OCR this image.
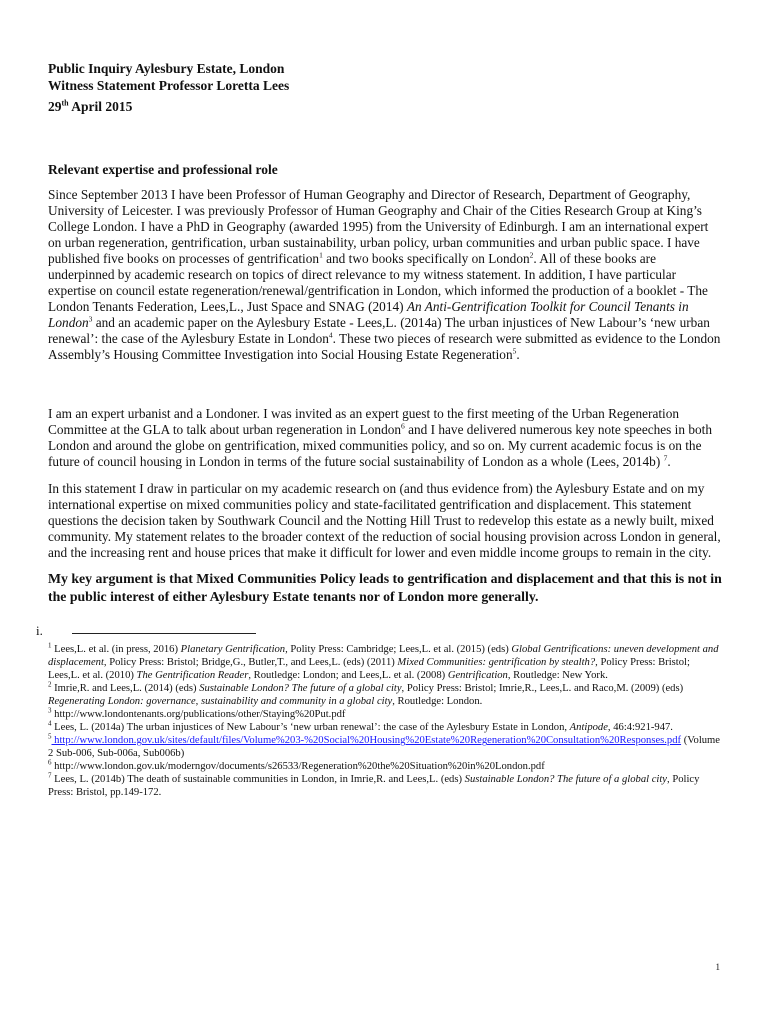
Public Inquiry Aylesbury Estate, London
Witness Statement Professor Loretta Lees
29th April 2015

Relevant expertise and professional role

Since September 2013 I have been Professor of Human Geography and Director of Research, Department of Geography, University of Leicester. I was previously Professor of Human Geography and Chair of the Cities Research Group at King’s College London. I have a PhD in Geography (awarded 1995) from the University of Edinburgh. I am an international expert on urban regeneration, gentrification, urban sustainability, urban policy, urban communities and urban public space. I have published five books on processes of gentrification$^1$ and two books specifically on London$^2$. All of these books are underpinned by academic research on topics of direct relevance to my witness statement. In addition, I have particular expertise on council estate regeneration/renewal/gentrification in London, which informed the production of a booklet - The London Tenants Federation, Lees,L., Just Space and SNAG (2014) An Anti-Gentrification Toolkit for Council Tenants in London$^3$ and an academic paper on the Aylesbury Estate - Lees,L. (2014a) The urban injustices of New Labour’s ‘new urban renewal’: the case of the Aylesbury Estate in London$^4$. These two pieces of research were submitted as evidence to the London Assembly’s Housing Committee Investigation into Social Housing Estate Regeneration$^5$.

I am an expert urbanist and a Londoner. I was invited as an expert guest to the first meeting of the Urban Regeneration Committee at the GLA to talk about urban regeneration in London$^6$ and I have delivered numerous key note speeches in both London and around the globe on gentrification, mixed communities policy, and so on. My current academic focus is on the future of council housing in London in terms of the future social sustainability of London as a whole (Lees, 2014b) $^7$.

In this statement I draw in particular on my academic research on (and thus evidence from) the Aylesbury Estate and on my international expertise on mixed communities policy and state-facilitated gentrification and displacement. This statement questions the decision taken by Southwark Council and the Notting Hill Trust to redevelop this estate as a newly built, mixed community. My statement relates to the broader context of the reduction of social housing provision across London in general, and the increasing rent and house prices that make it difficult for lower and even middle income groups to remain in the city.

My key argument is that Mixed Communities Policy leads to gentrification and displacement and that this is not in the public interest of either Aylesbury Estate tenants nor of London more generally.

i.

$^1$ Lees,L. et al. (in press, 2016) Planetary Gentrification, Polity Press: Cambridge; Lees,L. et al. (2015) (eds) Global Gentrifications: uneven development and displacement, Policy Press: Bristol; Bridge,G., Butler,T., and Lees,L. (eds) (2011) Mixed Communities: gentrification by stealth?, Policy Press: Bristol; Lees,L. et al. (2010) The Gentrification Reader, Routledge: London; and Lees,L. et al. (2008) Gentrification, Routledge: New York.

$^2$ Imrie,R. and Lees,L. (2014) (eds) Sustainable London? The future of a global city, Policy Press: Bristol; Imrie,R., Lees,L. and Raco,M. (2009) (eds) Regenerating London: governance, sustainability and community in a global city, Routledge: London.

$^3$ http://www.londontenants.org/publications/other/Staying%20Put.pdf

$^4$ Lees, L. (2014a) The urban injustices of New Labour’s ‘new urban renewal’: the case of the Aylesbury Estate in London, Antipode, 46:4:921-947.

$^5$ http://www.london.gov.uk/sites/default/files/Volume%203-%20Social%20Housing%20Estate%20Regeneration%20Consultation%20Responses.pdf (Volume 2 Sub-006, Sub-006a, Sub006b)

$^6$ http://www.london.gov.uk/moderngov/documents/s26533/Regeneration%20the%20Situation%20in%20London.pdf

$^7$ Lees, L. (2014b) The death of sustainable communities in London, in Imrie,R. and Lees,L. (eds) Sustainable London? The future of a global city, Policy Press: Bristol, pp.149-172.

1
